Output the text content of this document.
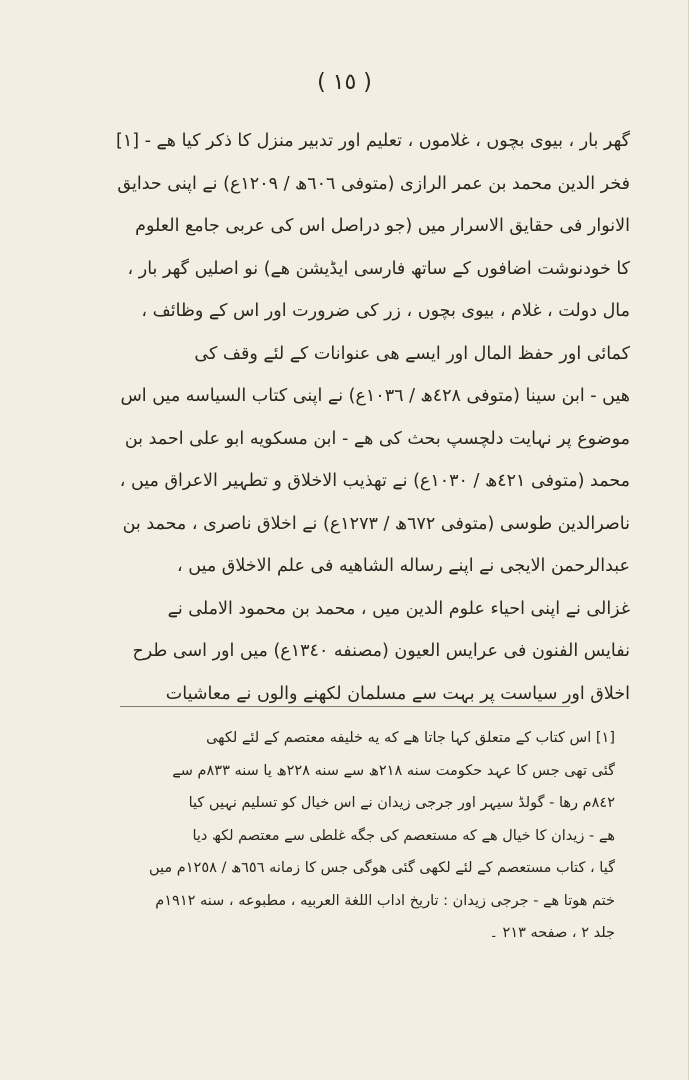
( ١٥ )
گھر بار ، بیوی بچوں ، غلاموں ، تعلیم اور تدبیر منزل کا ذکر کیا ھے - [١]
فخر الدین محمد بن عمر الرازی (متوفی ٦٠٦ھ / ١٢٠٩ع) نے اپنی حدایق
الانوار فی حقایق الاسرار میں (جو دراصل اس کی عربی جامع العلوم
کا خودنوشت اضافوں کے ساتھ فارسی ایڈیشن ھے) نو اصلیں گھر بار ،
مال دولت ، غلام ، بیوی بچوں ، زر کی ضرورت اور اس کے وظائف ،
کمائی اور حفظ المال اور ایسے ھی عنوانات کے لئے وقف کی
ھیں - ابن سینا (متوفی ٤٢٨ھ / ١٠٣٦ع) نے اپنی کتاب السیاسه میں اس
موضوع پر نہایت دلچسپ بحث کی ھے - ابن مسکویه ابو علی احمد بن
محمد (متوفی ٤٢١ھ / ١٠٣٠ع) نے تھذیب الاخلاق و تطہیر الاعراق میں ،
ناصرالدین طوسی (متوفی ٦٧٢ھ / ١٢٧٣ع) نے اخلاق ناصری ، محمد بن
عبدالرحمن الایجی نے اپنے رساله الشاهیه فی علم الاخلاق میں ،
غزالی نے اپنی احیاء علوم الدین میں ، محمد بن محمود الاملی نے
نفایس الفنون فی عرایس العیون (مصنفه ١٣٤٠ع) میں اور اسی طرح
اخلاق اور سیاست پر بہت سے مسلمان لکھنے والوں نے معاشیات
[١] اس کتاب کے متعلق کہا جاتا ھے که یه خلیفه معتصم کے لئے لکھی
گئی تھی جس کا عہد حکومت سنه ٢١٨ھ سے سنه ٢٢٨ھ یا سنه ٨٣٣م سے
٨٤٢م رھا - گولڈ سیہر اور جرجی زیدان نے اس خیال کو تسلیم نہیں کیا
ھے - زیدان کا خیال ھے که مستعصم کی جگه غلطی سے معتصم لکھ دیا
گیا ، کتاب مستعصم کے لئے لکھی گئی ھوگی جس کا زمانه ٦٥٦ھ / ١٢٥٨م میں
ختم ھوتا ھے - جرجی زیدان : تاریخ اداب اللغة العربیه ، مطبوعه ، سنه ١٩١٢م
جلد ٢ ، صفحه ٢١٣ ۔
